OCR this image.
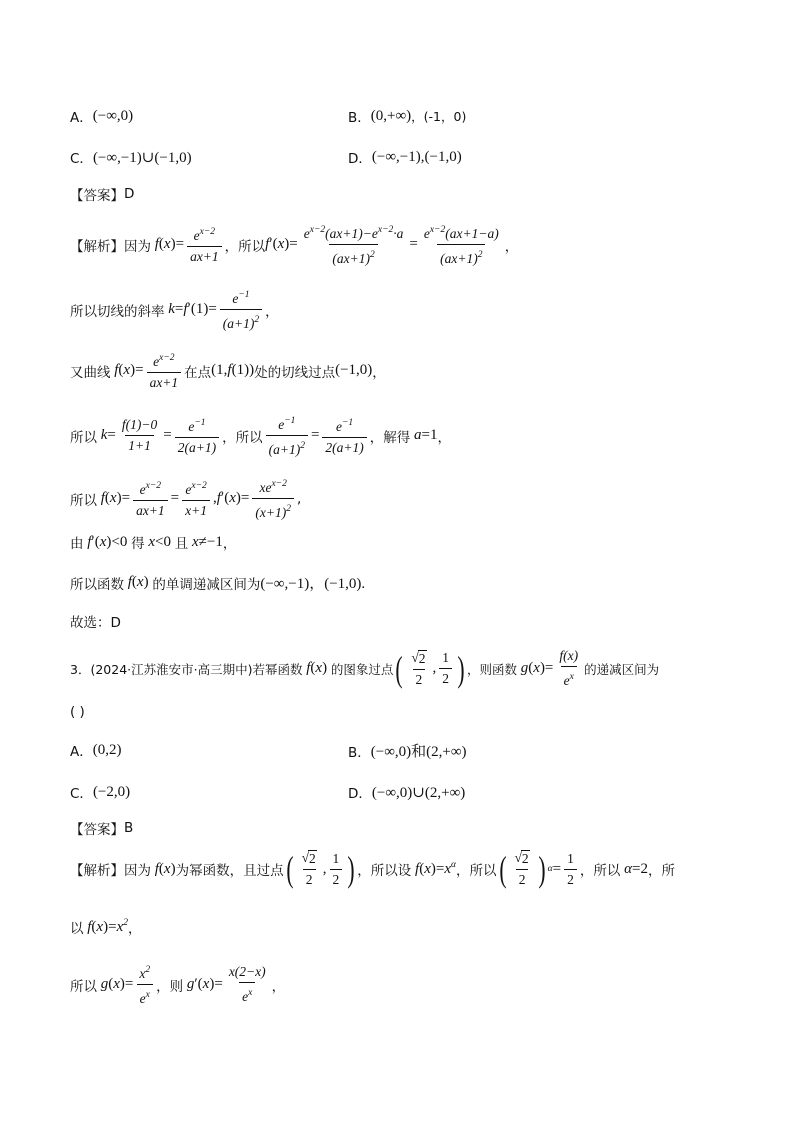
A． (−∞,0)	B． (0,+∞) ，(-1，0)
C． (−∞,−1)∪(−1,0)	D． (−∞,−1),(−1,0)
【答案】 D
【解析】 因为 f ( x )= $\frac{e^{x-2}}{ax+1}$ ，所以 f ′( x )= $\frac{e^{x-2}(ax+1)-e^{x-2}\cdot a}{(ax+1)^2} = \frac{e^{x-2}(ax+1-a)}{(ax+1)^2}$ ，
所以切线的斜率 k = f $'(1)= \frac{e^{-1}}{(a+1)^2}$ ，
又曲线 f ( x )= $\frac{e^{x-2}}{ax+1}$ 在点 (1, f (1)) 处的切线过点 (−1,0) ，
所以 $k = \frac{f(1)-0}{1+1} = \frac{e^{-1}}{2(a+1)}$ ，所以 $\frac{e^{-1}}{(a+1)^2} = \frac{e^{-1}}{2(a+1)}$ ，解得 a =1 ，
所以 f ( x )= $\frac{e^{x-2}}{ax+1} = \frac{e^{x-2}}{x+1}$ , f ′( x )= $\frac{xe^{x-2}}{(x+1)^2}$ ,
由 f ′( x )<0 得 x <0 且 x ≠−1 ，
所以函数 f ( x ) 的单调递减区间为 (−∞,−1)，(−1,0).
故选：D
3．(2024·江苏淮安市·高三期中)若幂函数 f ( x ) 的图象过点 ( $\frac{√ 2}{2}$ , $\frac{1}{2}$ ) ，则函数 g ( x )= $\frac{f(x)}{e^x}$ 的递减区间为
( )
A． (0,2)	B． (−∞,0)和(2,+∞)
C． (−2,0)	D． (−∞,0)∪(2,+∞)
【答案】 B
【解析】 因为 f ( x ) 为幂函数，且过点 ( $\frac{√ 2}{2}$ , $\frac{1}{2}$ ) ，所以设 f ( x )= $x^\alpha$ ，所以 ( $\frac{√ 2}{2}$ ) $\alpha = \frac{1}{2}$ ，所以 α =2 ，所
以 f ( x )= $x^2$ ，
所以 g ( x )= $\frac{x^2}{e^x}$ ，则 g ′( x )= $\frac{x(2-x)}{e^x}$ ，
